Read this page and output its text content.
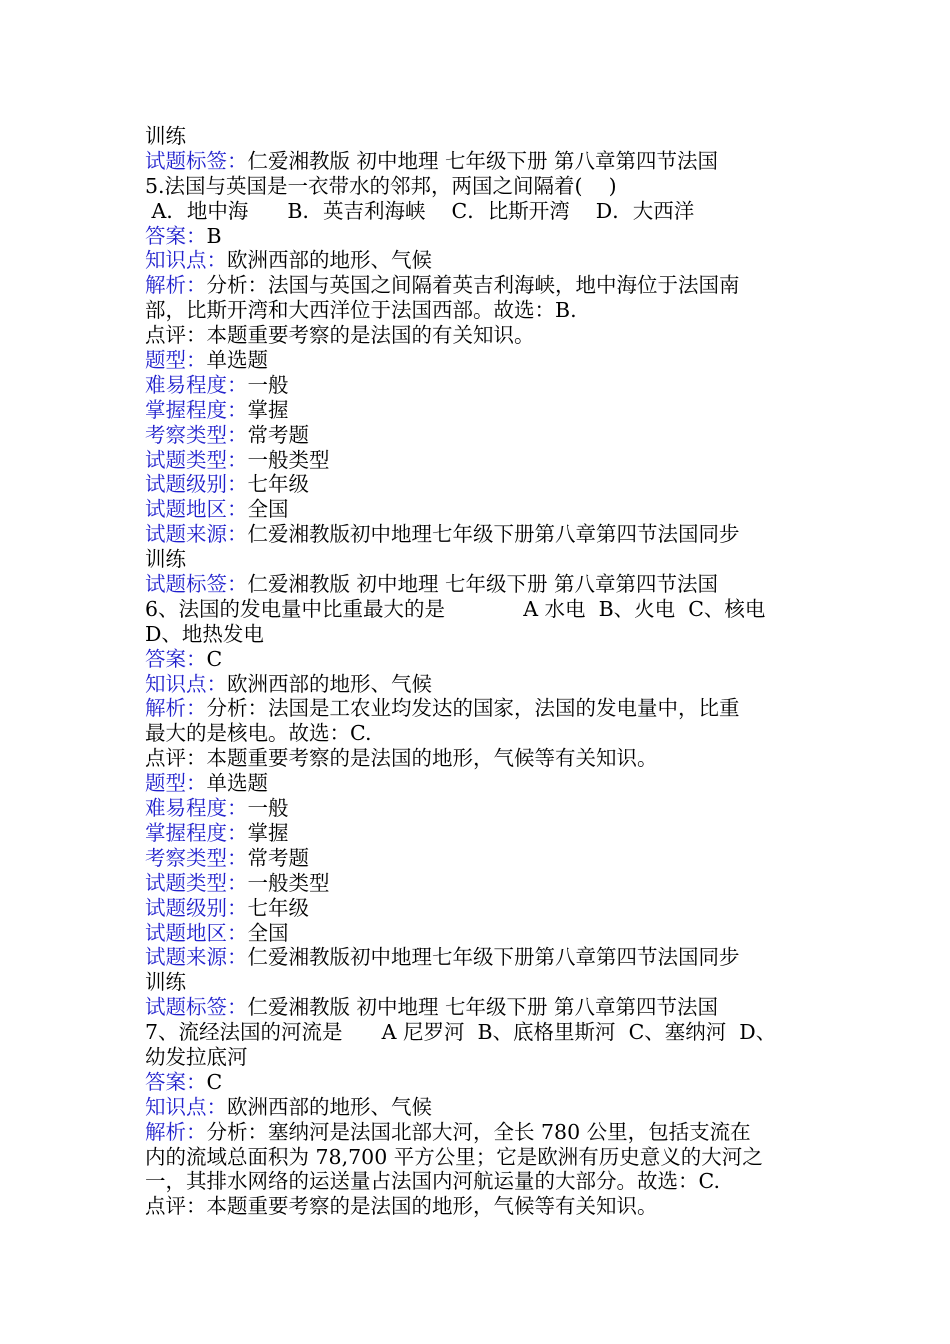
训练
试题标签：仁爱湘教版 初中地理 七年级下册 第八章第四节法国
5.法国与英国是一衣带水的邻邦，两国之间隔着(    )
A．地中海      B．英吉利海峡    C．比斯开湾    D．大西洋
答案：B
知识点：欧洲西部的地形、气候
解析：分析：法国与英国之间隔着英吉利海峡，地中海位于法国南
部，比斯开湾和大西洋位于法国西部。故选：B.
点评：本题重要考察的是法国的有关知识。
题型：单选题
难易程度：一般
掌握程度：掌握
考察类型：常考题
试题类型：一般类型
试题级别：七年级
试题地区：全国
试题来源：仁爱湘教版初中地理七年级下册第八章第四节法国同步
训练
试题标签：仁爱湘教版 初中地理 七年级下册 第八章第四节法国
6、法国的发电量中比重最大的是            A 水电  B、火电  C、核电
D、地热发电
答案：C
知识点：欧洲西部的地形、气候
解析：分析：法国是工农业均发达的国家，法国的发电量中，比重
最大的是核电。故选：C.
点评：本题重要考察的是法国的地形，气候等有关知识。
题型：单选题
难易程度：一般
掌握程度：掌握
考察类型：常考题
试题类型：一般类型
试题级别：七年级
试题地区：全国
试题来源：仁爱湘教版初中地理七年级下册第八章第四节法国同步
训练
试题标签：仁爱湘教版 初中地理 七年级下册 第八章第四节法国
7、流经法国的河流是      A 尼罗河  B、底格里斯河  C、塞纳河  D、
幼发拉底河
答案：C
知识点：欧洲西部的地形、气候
解析：分析：塞纳河是法国北部大河，全长 780 公里，包括支流在
内的流域总面积为 78,700 平方公里；它是欧洲有历史意义的大河之
一，其排水网络的运送量占法国内河航运量的大部分。故选：C.
点评：本题重要考察的是法国的地形，气候等有关知识。
